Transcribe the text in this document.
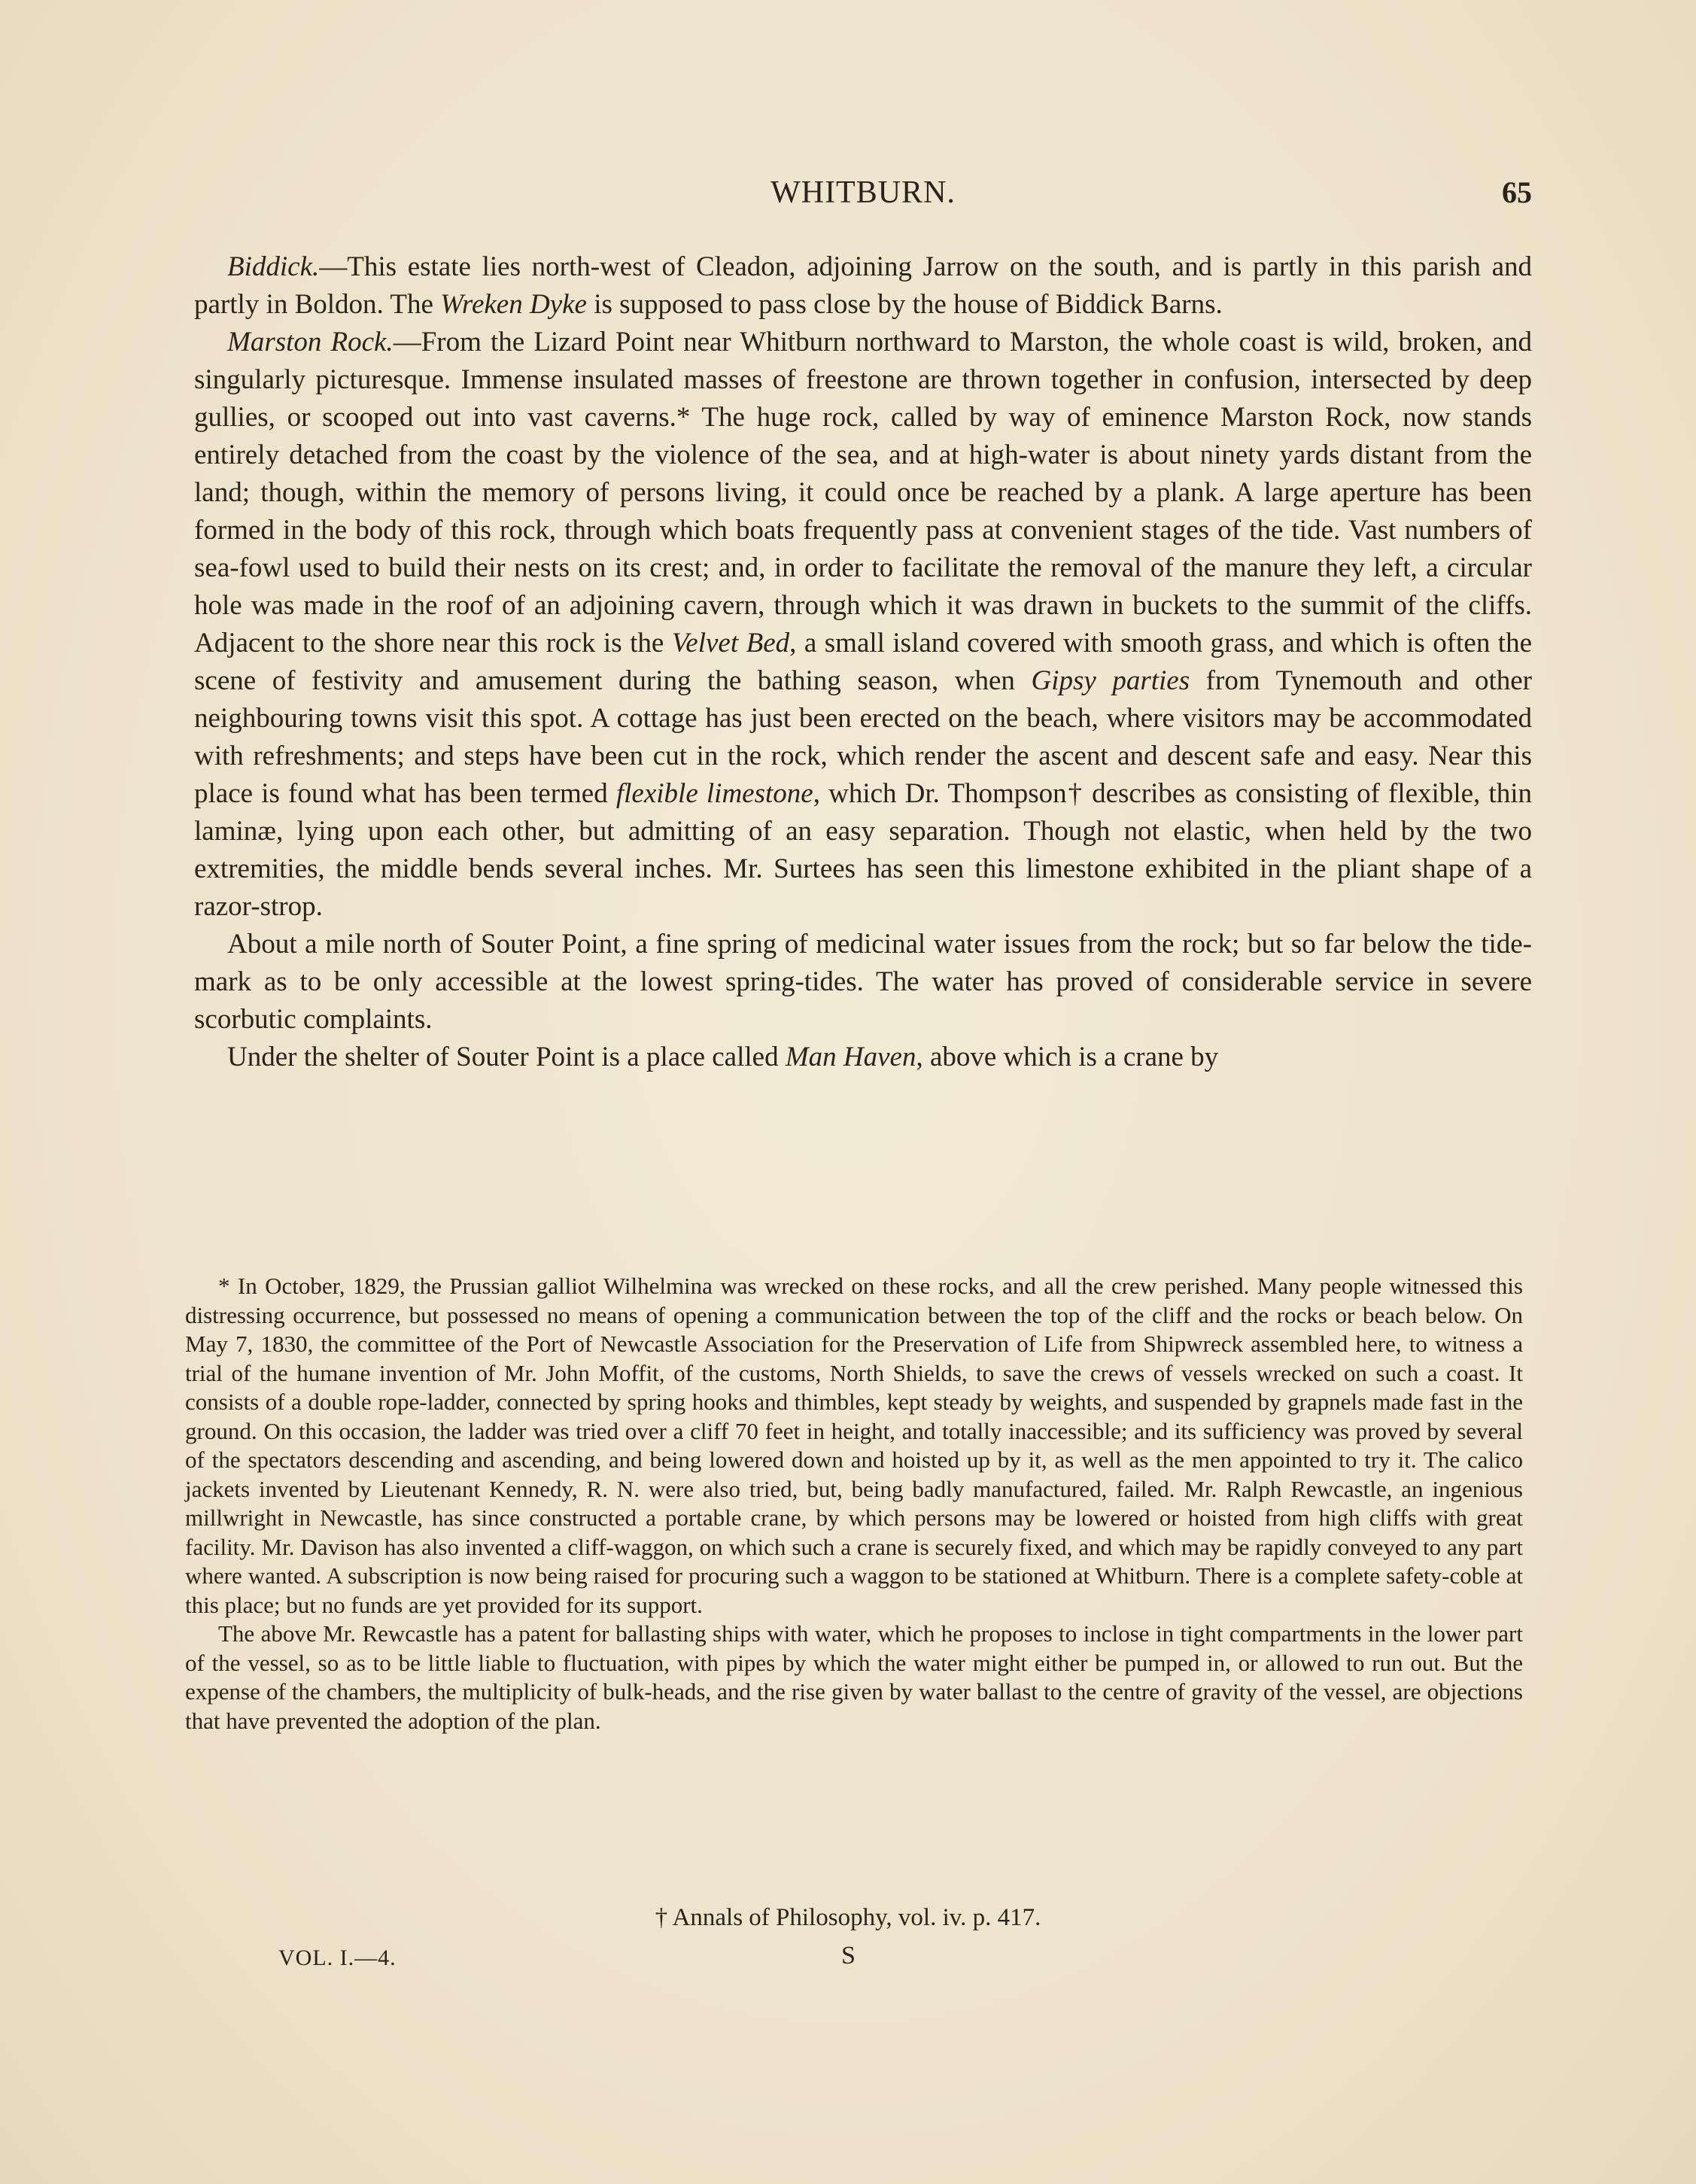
WHITBURN.	65

Biddick.—This estate lies north-west of Cleadon, adjoining Jarrow on the south, and is partly in this parish and partly in Boldon. The Wreken Dyke is supposed to pass close by the house of Biddick Barns.

Marston Rock.—From the Lizard Point near Whitburn northward to Marston, the whole coast is wild, broken, and singularly picturesque. Immense insulated masses of freestone are thrown together in confusion, intersected by deep gullies, or scooped out into vast caverns.* The huge rock, called by way of eminence Marston Rock, now stands entirely detached from the coast by the violence of the sea, and at high-water is about ninety yards distant from the land; though, within the memory of persons living, it could once be reached by a plank. A large aperture has been formed in the body of this rock, through which boats frequently pass at convenient stages of the tide. Vast numbers of sea-fowl used to build their nests on its crest; and, in order to facilitate the removal of the manure they left, a circular hole was made in the roof of an adjoining cavern, through which it was drawn in buckets to the summit of the cliffs. Adjacent to the shore near this rock is the Velvet Bed, a small island covered with smooth grass, and which is often the scene of festivity and amusement during the bathing season, when Gipsy parties from Tynemouth and other neighbouring towns visit this spot. A cottage has just been erected on the beach, where visitors may be accommodated with refreshments; and steps have been cut in the rock, which render the ascent and descent safe and easy. Near this place is found what has been termed flexible limestone, which Dr. Thompson† describes as consisting of flexible, thin laminæ, lying upon each other, but admitting of an easy separation. Though not elastic, when held by the two extremities, the middle bends several inches. Mr. Surtees has seen this limestone exhibited in the pliant shape of a razor-strop.

About a mile north of Souter Point, a fine spring of medicinal water issues from the rock; but so far below the tide-mark as to be only accessible at the lowest spring-tides. The water has proved of considerable service in severe scorbutic complaints.

Under the shelter of Souter Point is a place called Man Haven, above which is a crane by

* In October, 1829, the Prussian galliot Wilhelmina was wrecked on these rocks, and all the crew perished. Many people witnessed this distressing occurrence, but possessed no means of opening a communication between the top of the cliff and the rocks or beach below. On May 7, 1830, the committee of the Port of Newcastle Association for the Preservation of Life from Shipwreck assembled here, to witness a trial of the humane invention of Mr. John Moffit, of the customs, North Shields, to save the crews of vessels wrecked on such a coast. It consists of a double rope-ladder, connected by spring hooks and thimbles, kept steady by weights, and suspended by grapnels made fast in the ground. On this occasion, the ladder was tried over a cliff 70 feet in height, and totally inaccessible; and its sufficiency was proved by several of the spectators descending and ascending, and being lowered down and hoisted up by it, as well as the men appointed to try it. The calico jackets invented by Lieutenant Kennedy, R. N. were also tried, but, being badly manufactured, failed. Mr. Ralph Rewcastle, an ingenious millwright in Newcastle, has since constructed a portable crane, by which persons may be lowered or hoisted from high cliffs with great facility. Mr. Davison has also invented a cliff-waggon, on which such a crane is securely fixed, and which may be rapidly conveyed to any part where wanted. A subscription is now being raised for procuring such a waggon to be stationed at Whitburn. There is a complete safety-coble at this place; but no funds are yet provided for its support.

The above Mr. Rewcastle has a patent for ballasting ships with water, which he proposes to inclose in tight compartments in the lower part of the vessel, so as to be little liable to fluctuation, with pipes by which the water might either be pumped in, or allowed to run out. But the expense of the chambers, the multiplicity of bulk-heads, and the rise given by water ballast to the centre of gravity of the vessel, are objections that have prevented the adoption of the plan.

† Annals of Philosophy, vol. iv. p. 417.
VOL. I.—4.	S
